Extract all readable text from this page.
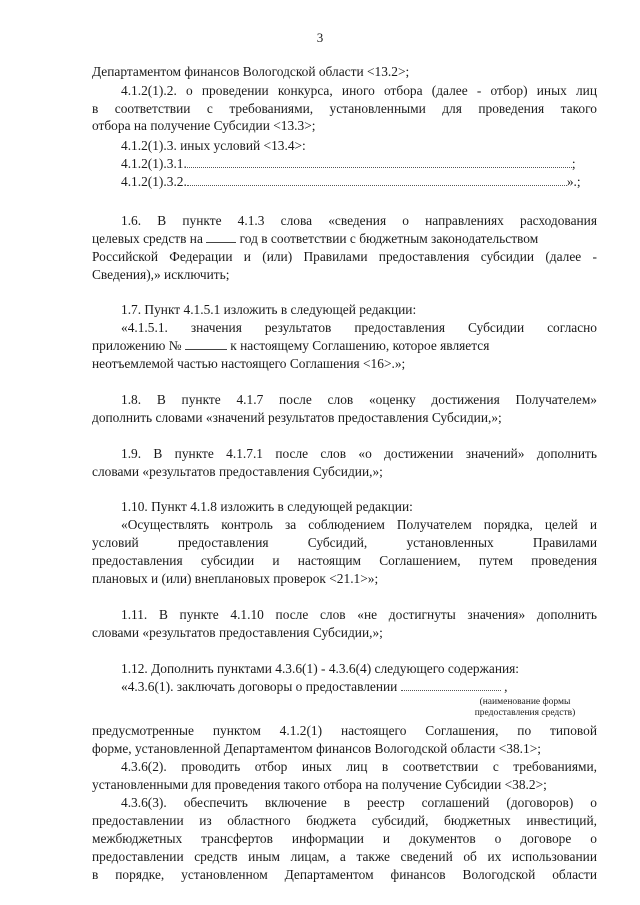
3
Департаментом финансов Вологодской области <13.2>;
4.1.2(1).2. о проведении конкурса, иного отбора (далее - отбор) иных лиц
в соответствии с требованиями, установленными для проведения такого
отбора на получение Субсидии <13.3>;
4.1.2(1).3. иных условий <13.4>:
4.1.2(1).3.1.	;
4.1.2(1).3.2.	».;
1.6. В пункте 4.1.3 слова «сведения о направлениях расходования
целевых средств на	год в соответствии с бюджетным законодательством
Российской Федерации и (или) Правилами предоставления субсидии (далее -
Сведения),» исключить;
1.7. Пункт 4.1.5.1 изложить в следующей редакции:
«4.1.5.1. значения результатов предоставления Субсидии согласно
приложению №	к настоящему Соглашению, которое является
неотъемлемой частью настоящего Соглашения <16>.»;
1.8. В пункте 4.1.7 после слов «оценку достижения Получателем»
дополнить словами «значений результатов предоставления Субсидии,»;
1.9. В пункте 4.1.7.1 после слов «о достижении значений» дополнить
словами «результатов предоставления Субсидии,»;
1.10. Пункт 4.1.8 изложить в следующей редакции:
«Осуществлять контроль за соблюдением Получателем порядка, целей и
условий предоставления Субсидий, установленных Правилами
предоставления субсидии и настоящим Соглашением, путем проведения
плановых и (или) внеплановых проверок <21.1>»;
1.11. В пункте 4.1.10 после слов «не достигнуты значения» дополнить
словами «результатов предоставления Субсидии,»;
1.12. Дополнить пунктами 4.3.6(1) - 4.3.6(4) следующего содержания:
«4.3.6(1). заключать договоры о предоставлении	,
(наименование формы
предоставления средств)
предусмотренные пунктом 4.1.2(1) настоящего Соглашения, по типовой
форме, установленной Департаментом финансов Вологодской области <38.1>;
4.3.6(2). проводить отбор иных лиц в соответствии с требованиями,
установленными для проведения такого отбора на получение Субсидии <38.2>;
4.3.6(3). обеспечить включение в реестр соглашений (договоров) о
предоставлении из областного бюджета субсидий, бюджетных инвестиций,
межбюджетных трансфертов информации и документов о договоре о
предоставлении средств иным лицам, а также сведений об их использовании
в порядке, установленном Департаментом финансов Вологодской области
